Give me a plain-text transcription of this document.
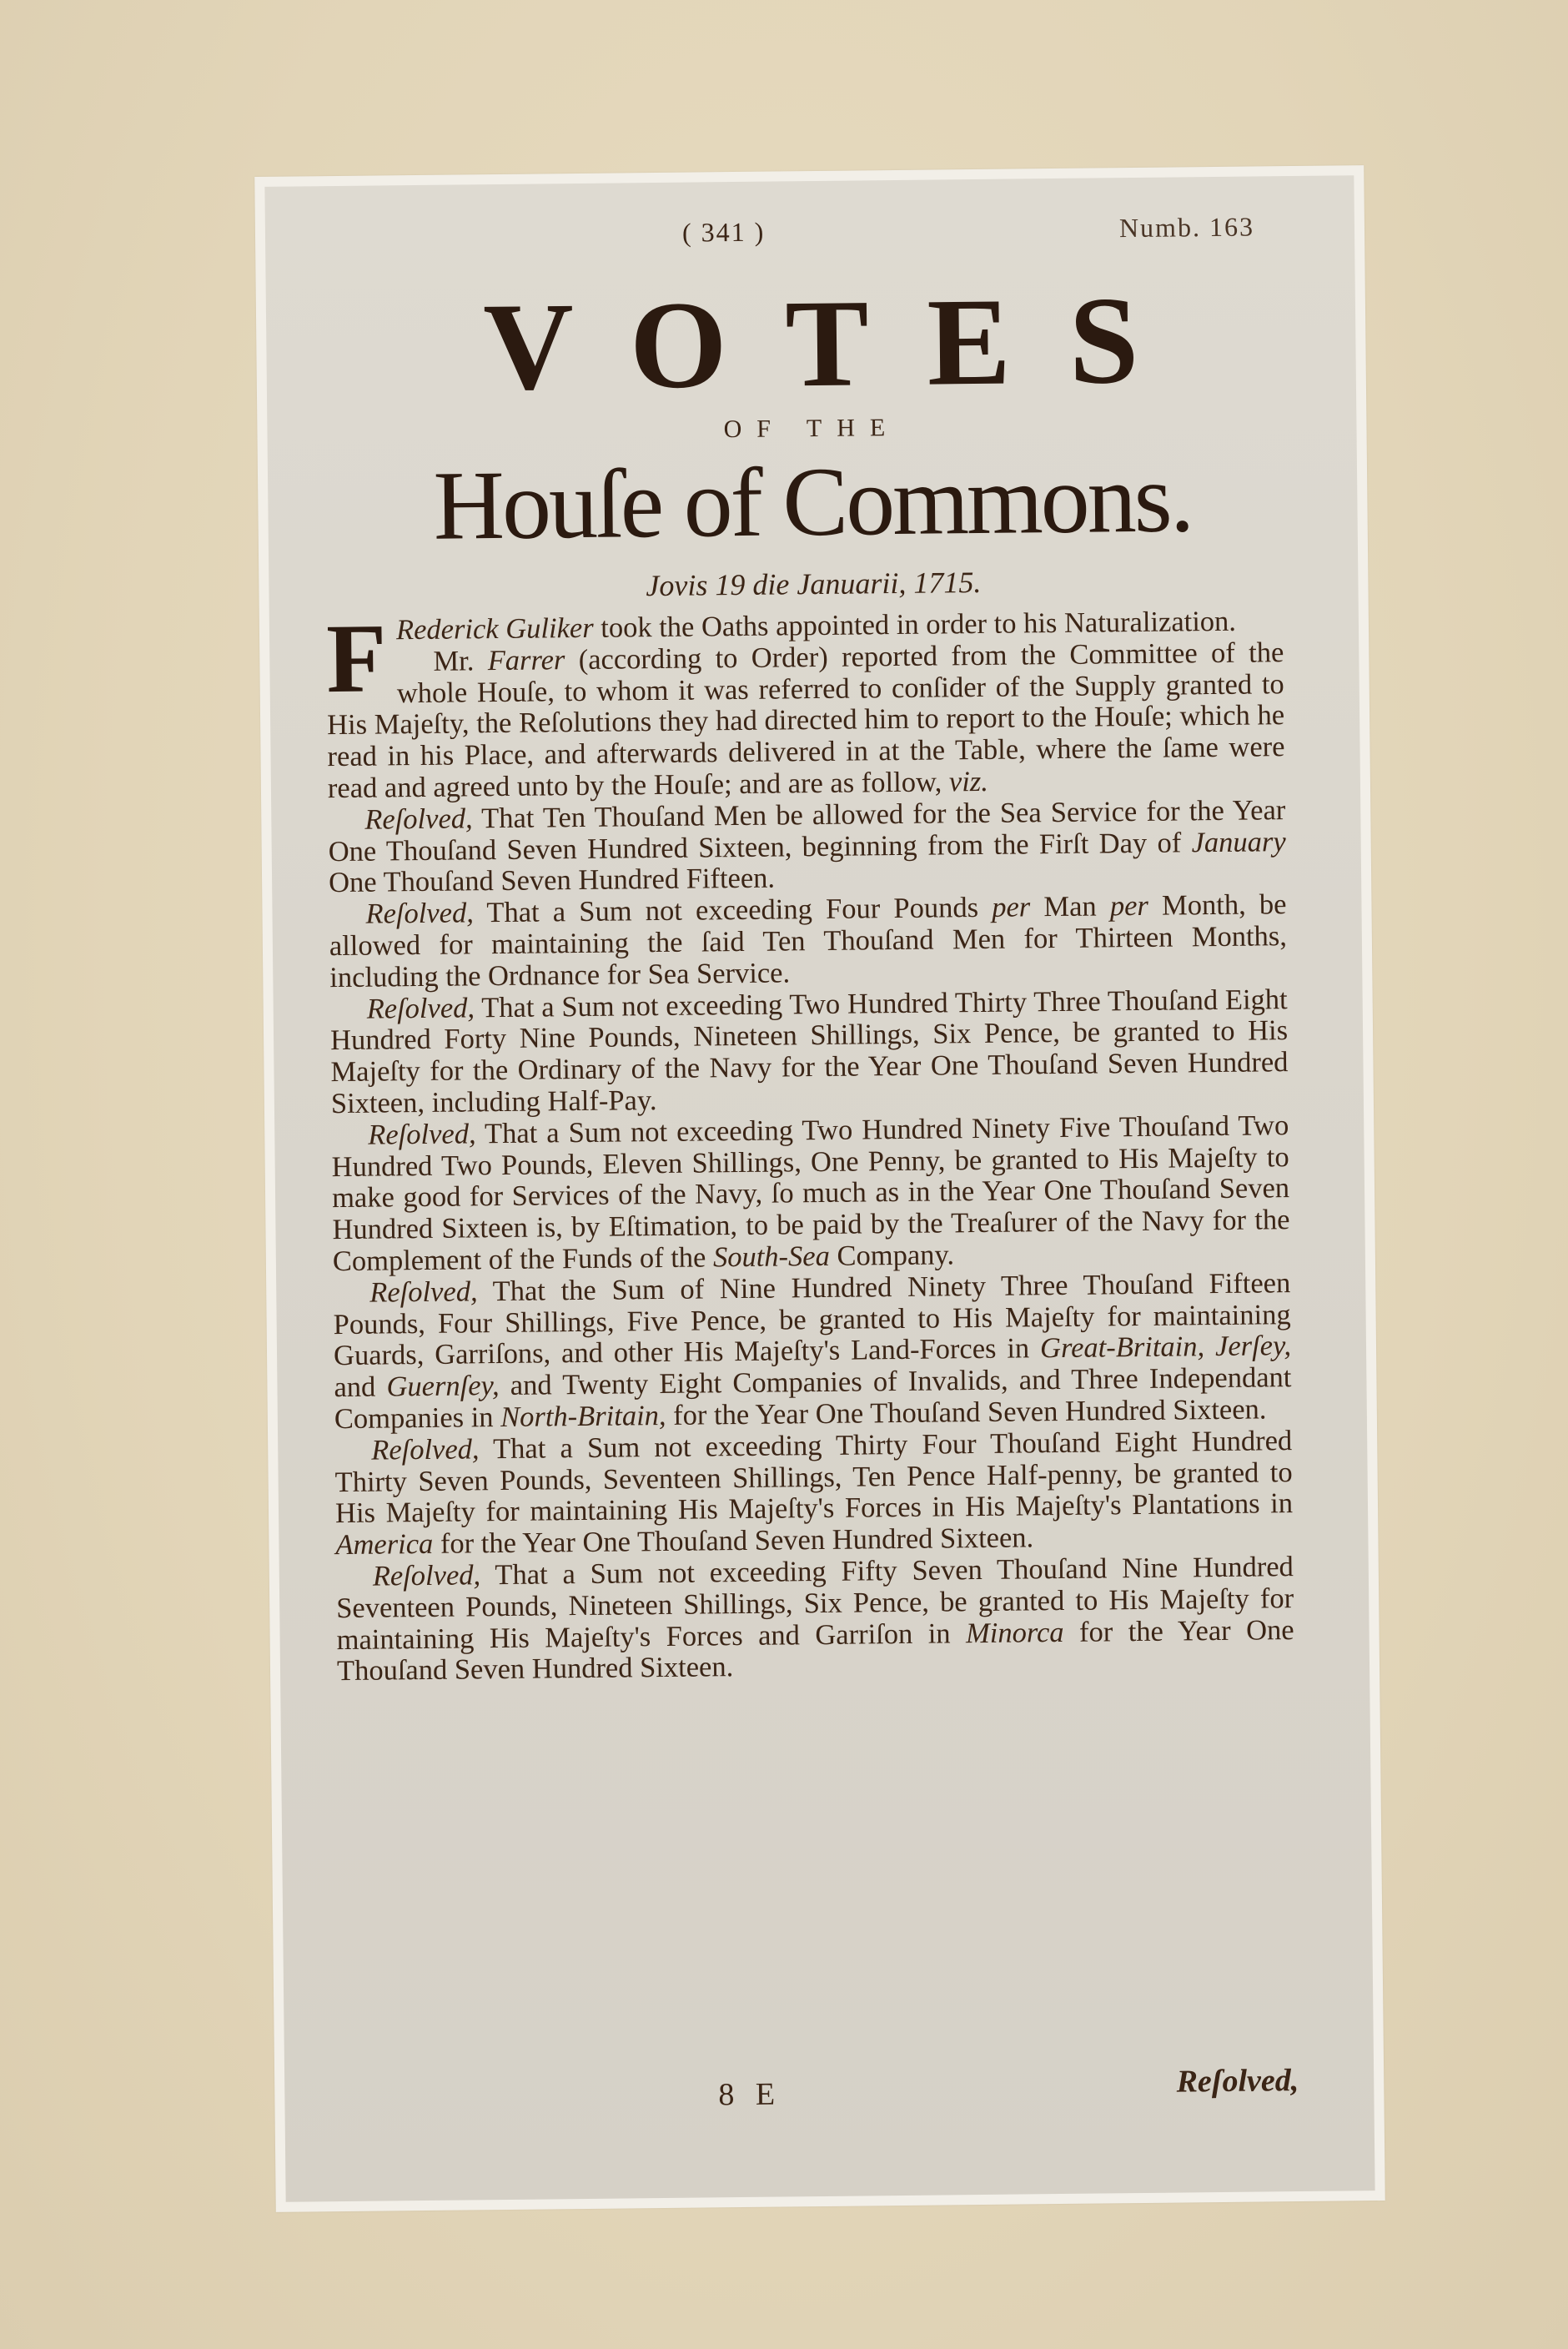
( 341 )	Numb. 163
VOTES
OF THE
Houſe of Commons.
Jovis 19 die Januarii, 1715.

F Rederick Guliker took the Oaths appointed in order to his Naturalization.

Mr. Farrer (according to Order) reported from the Committee of the whole Houſe, to whom it was referred to conſider of the Supply granted to His Majeſty, the Reſolutions they had directed him to report to the Houſe; which he read in his Place, and afterwards delivered in at the Table, where the ſame were read and agreed unto by the Houſe; and are as follow, viz.

Reſolved, That Ten Thouſand Men be allowed for the Sea Service for the Year One Thouſand Seven Hundred Sixteen, beginning from the Firſt Day of January One Thouſand Seven Hundred Fifteen.

Reſolved, That a Sum not exceeding Four Pounds per Man per Month, be allowed for maintaining the ſaid Ten Thouſand Men for Thirteen Months, including the Ordnance for Sea Service.

Reſolved, That a Sum not exceeding Two Hundred Thirty Three Thouſand Eight Hundred Forty Nine Pounds, Nineteen Shillings, Six Pence, be granted to His Majeſty for the Ordinary of the Navy for the Year One Thouſand Seven Hundred Sixteen, including Half-Pay.

Reſolved, That a Sum not exceeding Two Hundred Ninety Five Thouſand Two Hundred Two Pounds, Eleven Shillings, One Penny, be granted to His Majeſty to make good for Services of the Navy, ſo much as in the Year One Thouſand Seven Hundred Sixteen is, by Eſtimation, to be paid by the Treaſurer of the Navy for the Complement of the Funds of the South-Sea Company.

Reſolved, That the Sum of Nine Hundred Ninety Three Thouſand Fifteen Pounds, Four Shillings, Five Pence, be granted to His Majeſty for maintaining Guards, Garriſons, and other His Majeſty's Land-Forces in Great-Britain, Jerſey, and Guernſey, and Twenty Eight Companies of Invalids, and Three Independant Companies in North-Britain, for the Year One Thouſand Seven Hundred Sixteen.

Reſolved, That a Sum not exceeding Thirty Four Thouſand Eight Hundred Thirty Seven Pounds, Seventeen Shillings, Ten Pence Half-penny, be granted to His Majeſty for maintaining His Majeſty's Forces in His Majeſty's Plantations in America for the Year One Thouſand Seven Hundred Sixteen.

Reſolved, That a Sum not exceeding Fifty Seven Thouſand Nine Hundred Seventeen Pounds, Nineteen Shillings, Six Pence, be granted to His Majeſty for maintaining His Majeſty's Forces and Garriſon in Minorca for the Year One Thouſand Seven Hundred Sixteen.

8 E	Reſolved,
